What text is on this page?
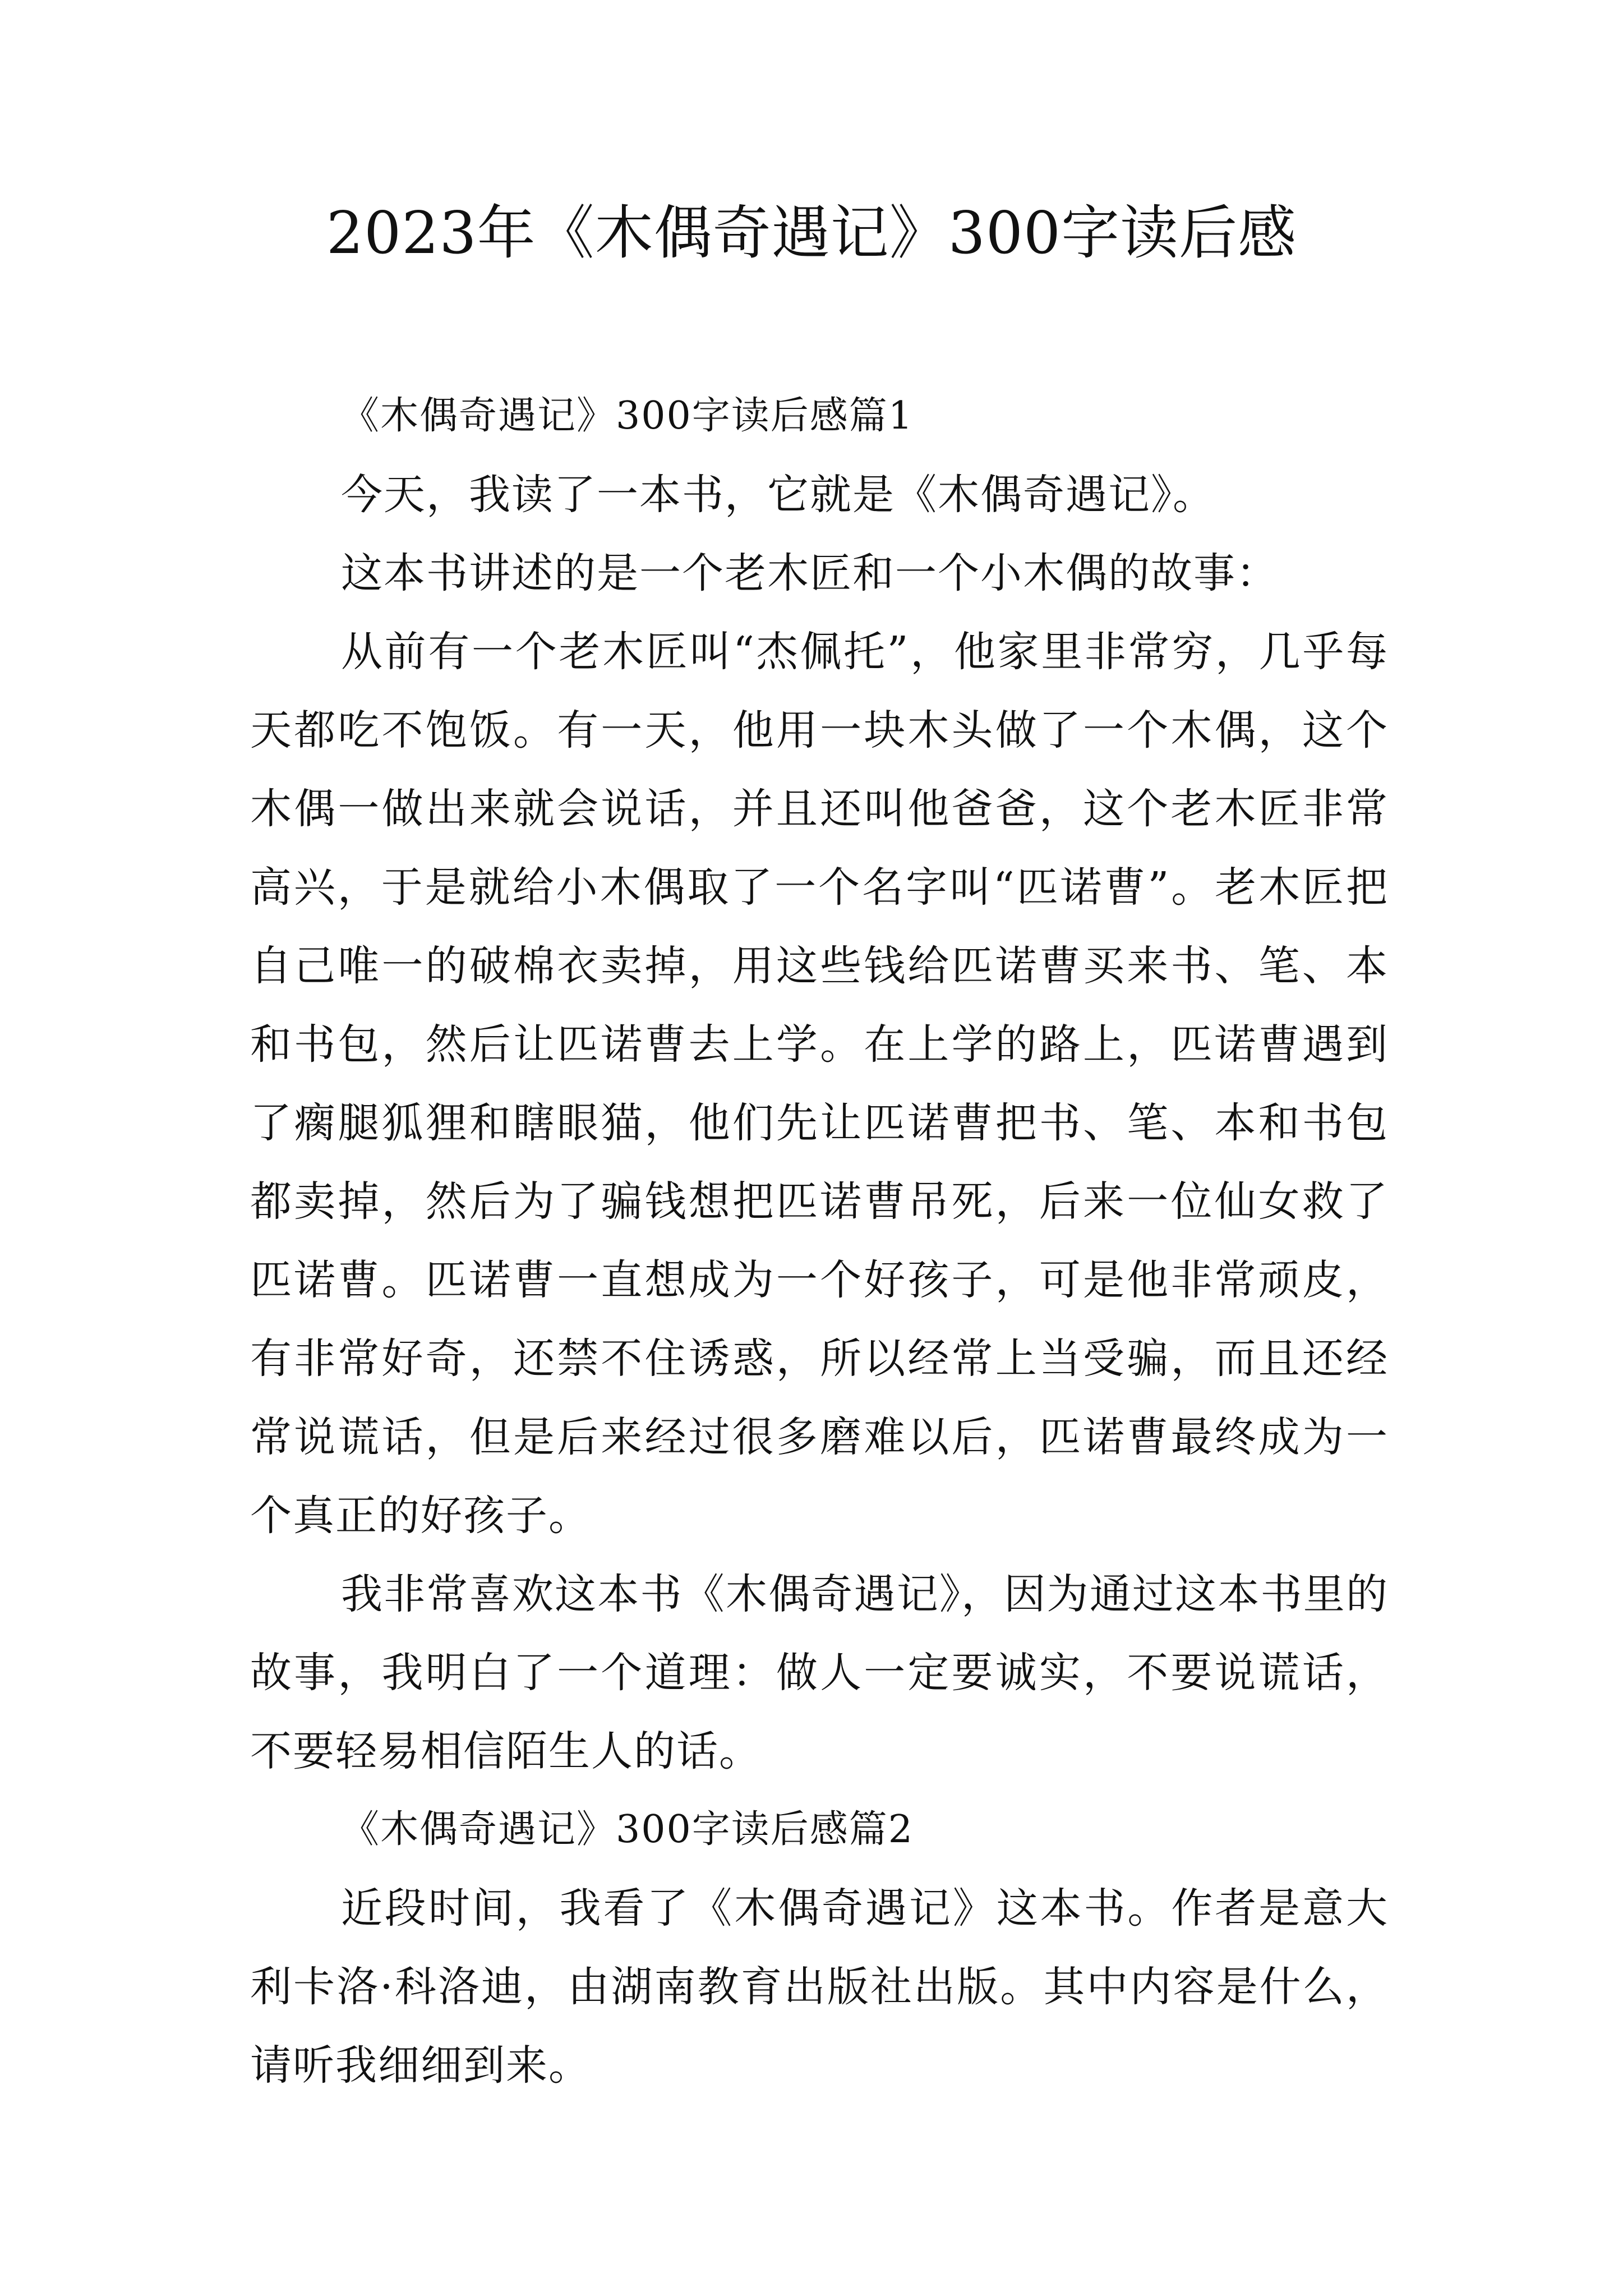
2023年《木偶奇遇记》300字读后感

《木偶奇遇记》300字读后感篇1

今天，我读了一本书，它就是《木偶奇遇记》。

这本书讲述的是一个老木匠和一个小木偶的故事：

从前有一个老木匠叫“杰佩托”，他家里非常穷，几乎每天都吃不饱饭。有一天，他用一块木头做了一个木偶，这个木偶一做出来就会说话，并且还叫他爸爸，这个老木匠非常高兴，于是就给小木偶取了一个名字叫“匹诺曹”。老木匠把自己唯一的破棉衣卖掉，用这些钱给匹诺曹买来书、笔、本和书包，然后让匹诺曹去上学。在上学的路上，匹诺曹遇到了瘸腿狐狸和瞎眼猫，他们先让匹诺曹把书、笔、本和书包都卖掉，然后为了骗钱想把匹诺曹吊死，后来一位仙女救了匹诺曹。匹诺曹一直想成为一个好孩子，可是他非常顽皮，有非常好奇，还禁不住诱惑，所以经常上当受骗，而且还经常说谎话，但是后来经过很多磨难以后，匹诺曹最终成为一个真正的好孩子。

我非常喜欢这本书《木偶奇遇记》，因为通过这本书里的故事，我明白了一个道理：做人一定要诚实，不要说谎话，不要轻易相信陌生人的话。

《木偶奇遇记》300字读后感篇2

近段时间，我看了《木偶奇遇记》这本书。作者是意大利卡洛·科洛迪，由湖南教育出版社出版。其中内容是什么，请听我细细到来。
